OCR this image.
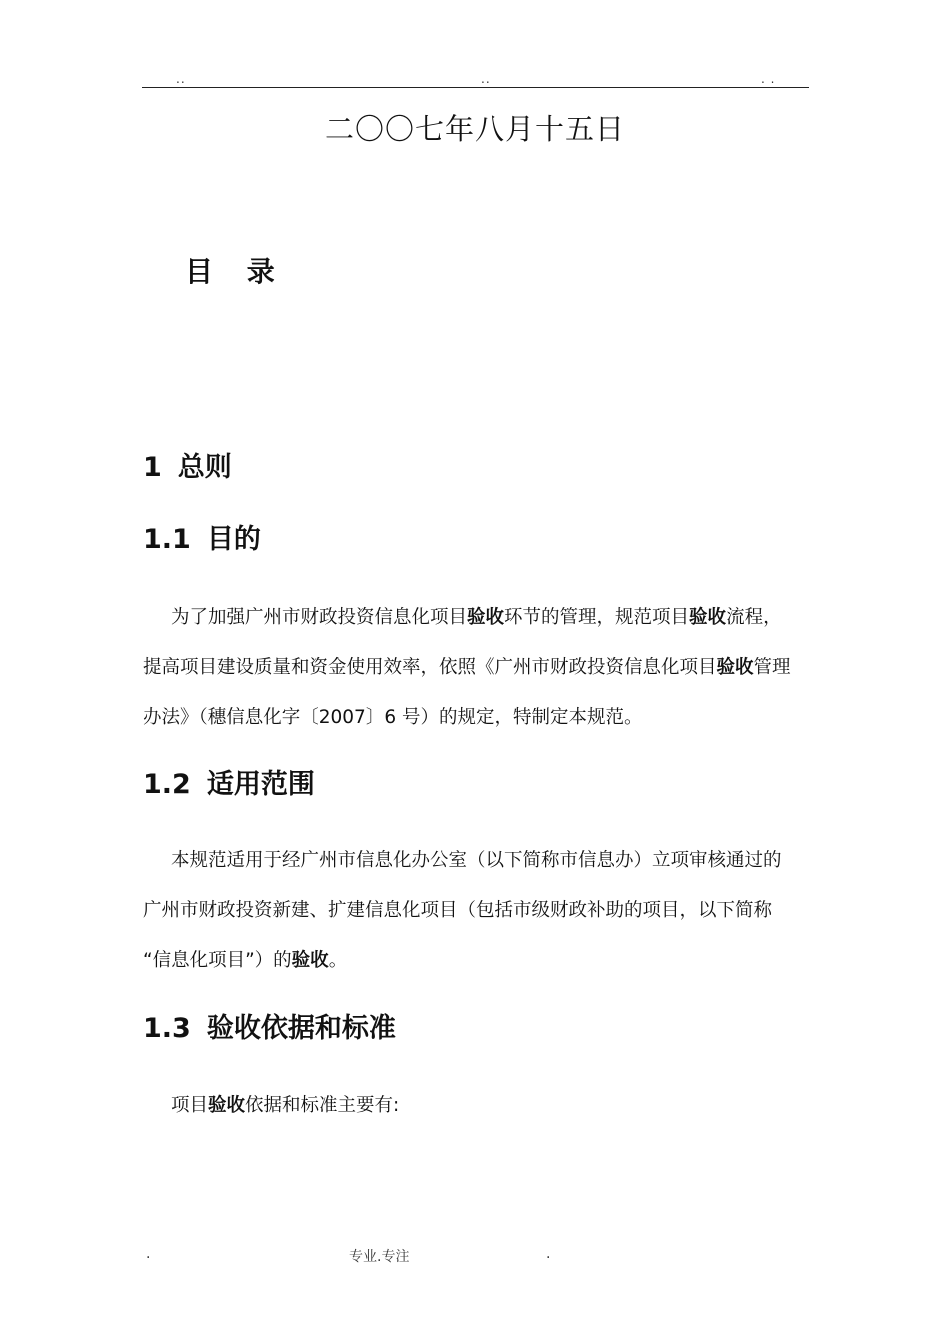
..	..	. .
二〇〇七年八月十五日
目 录
1 总则
1.1 目的

为了加强广州市财政投资信息化项目验收环节的管理，规范项目验收流程，

提高项目建设质量和资金使用效率，依照《广州市财政投资信息化项目验收管理

办法》（穗信息化字〔2007〕6 号）的规定，特制定本规范。

1.2 适用范围

本规范适用于经广州市信息化办公室（以下简称市信息办）立项审核通过的

广州市财政投资新建、扩建信息化项目（包括市级财政补助的项目，以下简称

“信息化项目”）的验收。

1.3 验收依据和标准

项目验收依据和标准主要有:

.	专业.专注	.
